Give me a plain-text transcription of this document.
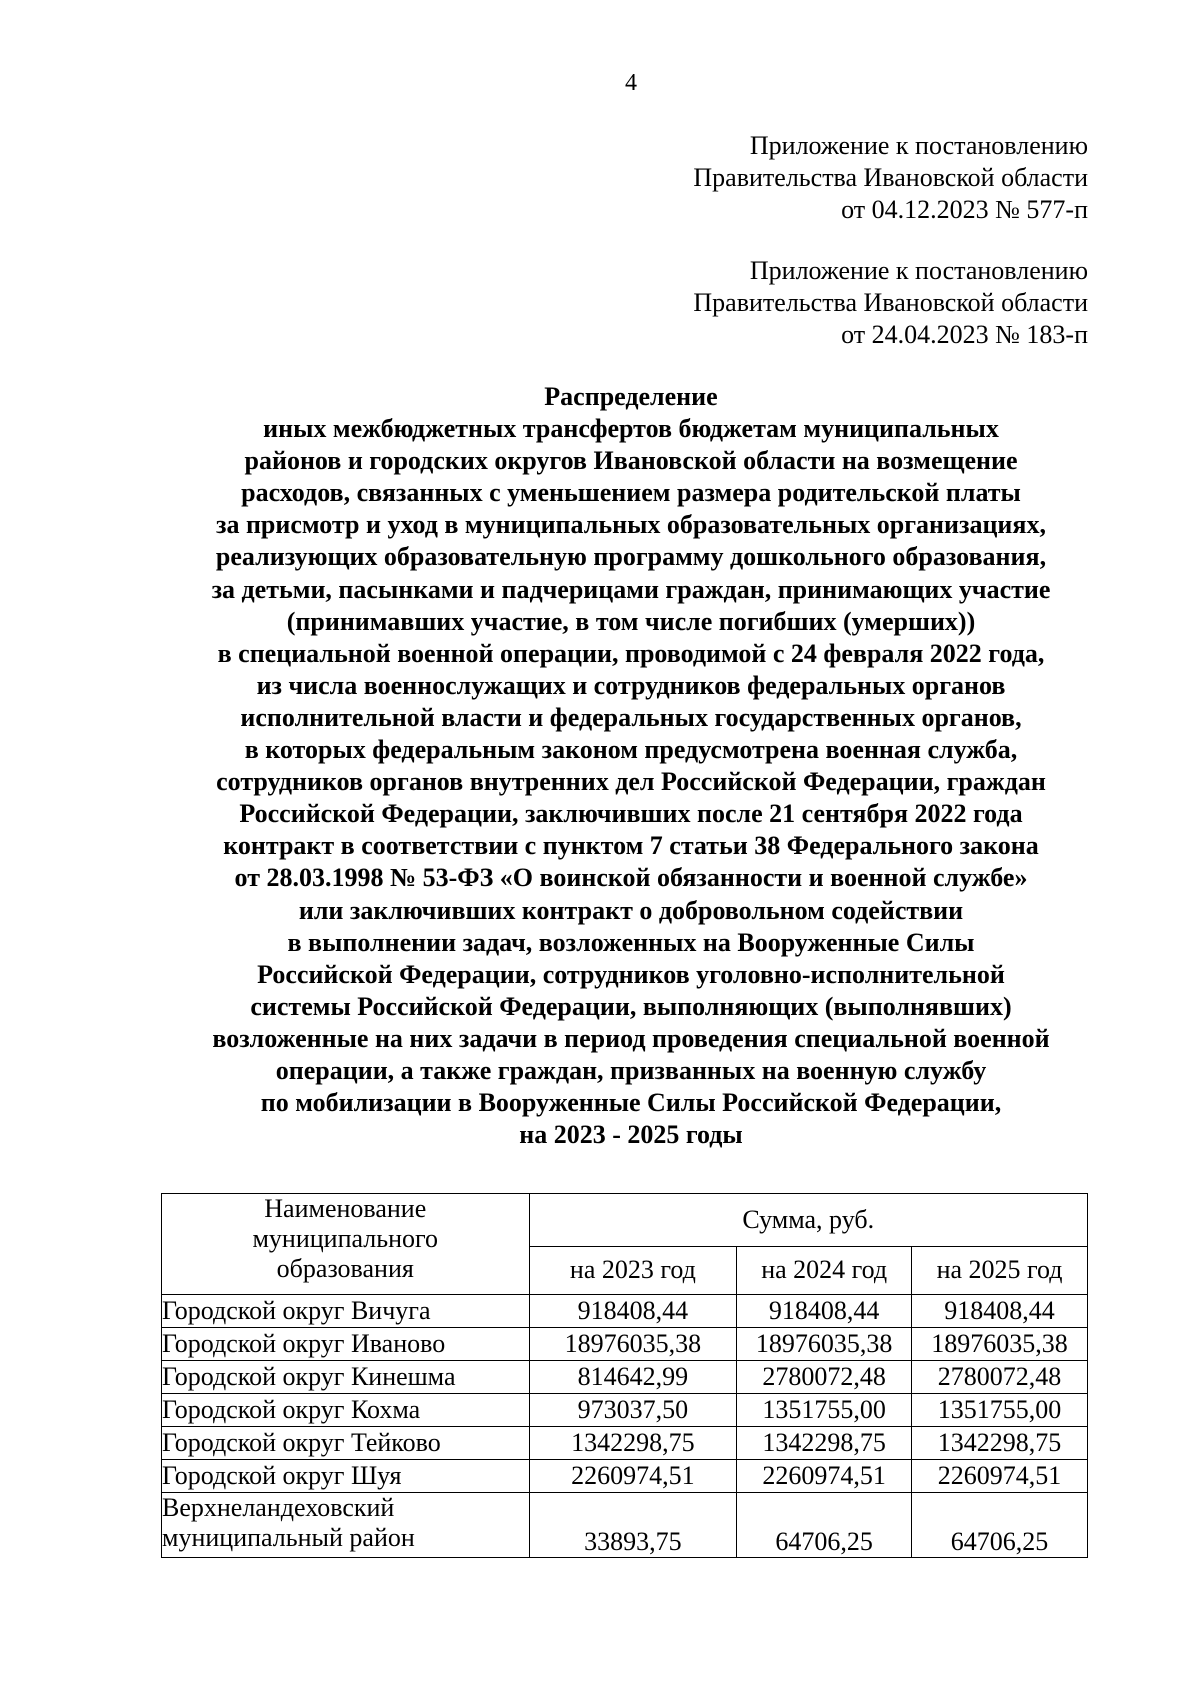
4
Приложение к постановлению
Правительства Ивановской области
от 04.12.2023 № 577-п
Приложение к постановлению
Правительства Ивановской области
от 24.04.2023 № 183-п
Распределение
иных межбюджетных трансфертов бюджетам муниципальных
районов и городских округов Ивановской области на возмещение
расходов, связанных с уменьшением размера родительской платы
за присмотр и уход в муниципальных образовательных организациях,
реализующих образовательную программу дошкольного образования,
за детьми, пасынками и падчерицами граждан, принимающих участие
(принимавших участие, в том числе погибших (умерших))
в специальной военной операции, проводимой с 24 февраля 2022 года,
из числа военнослужащих и сотрудников федеральных органов
исполнительной власти и федеральных государственных органов,
в которых федеральным законом предусмотрена военная служба,
сотрудников органов внутренних дел Российской Федерации, граждан
Российской Федерации, заключивших после 21 сентября 2022 года
контракт в соответствии с пунктом 7 статьи 38 Федерального закона
от 28.03.1998 № 53-ФЗ «О воинской обязанности и военной службе»
или заключивших контракт о добровольном содействии
в выполнении задач, возложенных на Вооруженные Силы
Российской Федерации, сотрудников уголовно-исполнительной
системы Российской Федерации, выполняющих (выполнявших)
возложенные на них задачи в период проведения специальной военной
операции, а также граждан, призванных на военную службу
по мобилизации в Вооруженные Силы Российской Федерации,
на 2023 - 2025 годы
Наименование
муниципального
образования	Сумма, руб.		
	на 2023 год	на 2024 год	на 2025 год
Городской округ Вичуга	918408,44	918408,44	918408,44
Городской округ Иваново	18976035,38	18976035,38	18976035,38
Городской округ Кинешма	814642,99	2780072,48	2780072,48
Городской округ Кохма	973037,50	1351755,00	1351755,00
Городской округ Тейково	1342298,75	1342298,75	1342298,75
Городской округ Шуя	2260974,51	2260974,51	2260974,51

Верхнеландеховский
муниципальный район	33893,75	64706,25	64706,25
